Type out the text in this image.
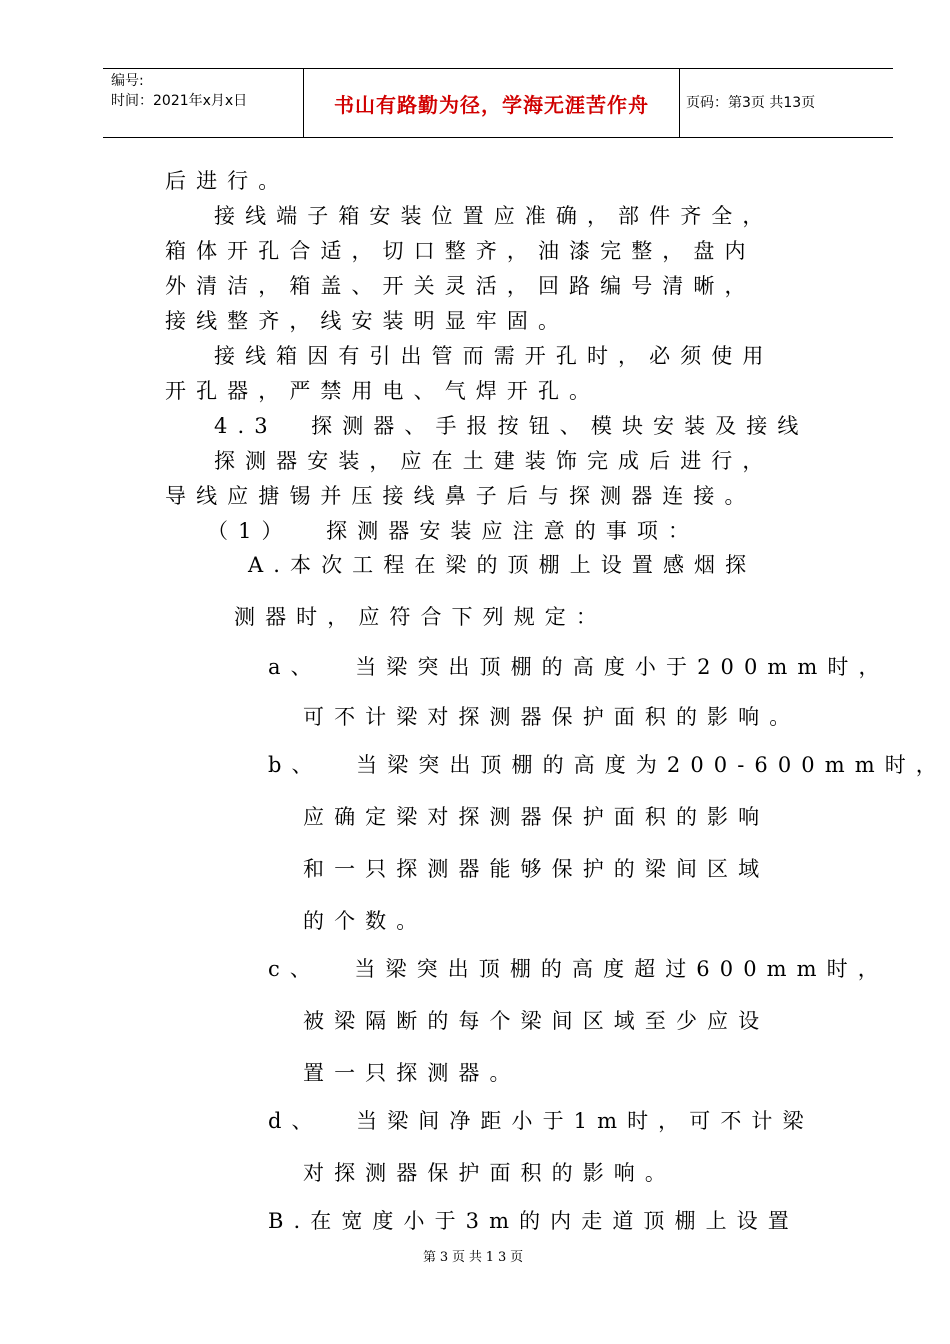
编号:
时间：2021年x月x日	书山有路勤为径，学海无涯苦作舟	页码：第3页 共13页
后进行。
接线端子箱安装位置应准确，部件齐全，
箱体开孔合适，切口整齐，油漆完整，盘内
外清洁，箱盖、开关灵活，回路编号清晰，
接线整齐，线安装明显牢固。
接线箱因有引出管而需开孔时，必须使用
开孔器，严禁用电、气焊开孔。
4.3  探测器、手报按钮、模块安装及接线
探测器安装，应在土建装饰完成后进行，
导线应搪锡并压接线鼻子后与探测器连接。
（1）  探测器安装应注意的事项：
A.本次工程在梁的顶棚上设置感烟探
测器时，应符合下列规定：
a、  当梁突出顶棚的高度小于200mm时，
可不计梁对探测器保护面积的影响。
b、  当梁突出顶棚的高度为200-600mm时，
应确定梁对探测器保护面积的影响
和一只探测器能够保护的梁间区域
的个数。
c、  当梁突出顶棚的高度超过600mm时，
被梁隔断的每个梁间区域至少应设
置一只探测器。
d、  当梁间净距小于1m时，可不计梁
对探测器保护面积的影响。
B.在宽度小于3m的内走道顶棚上设置
第3页共13页
